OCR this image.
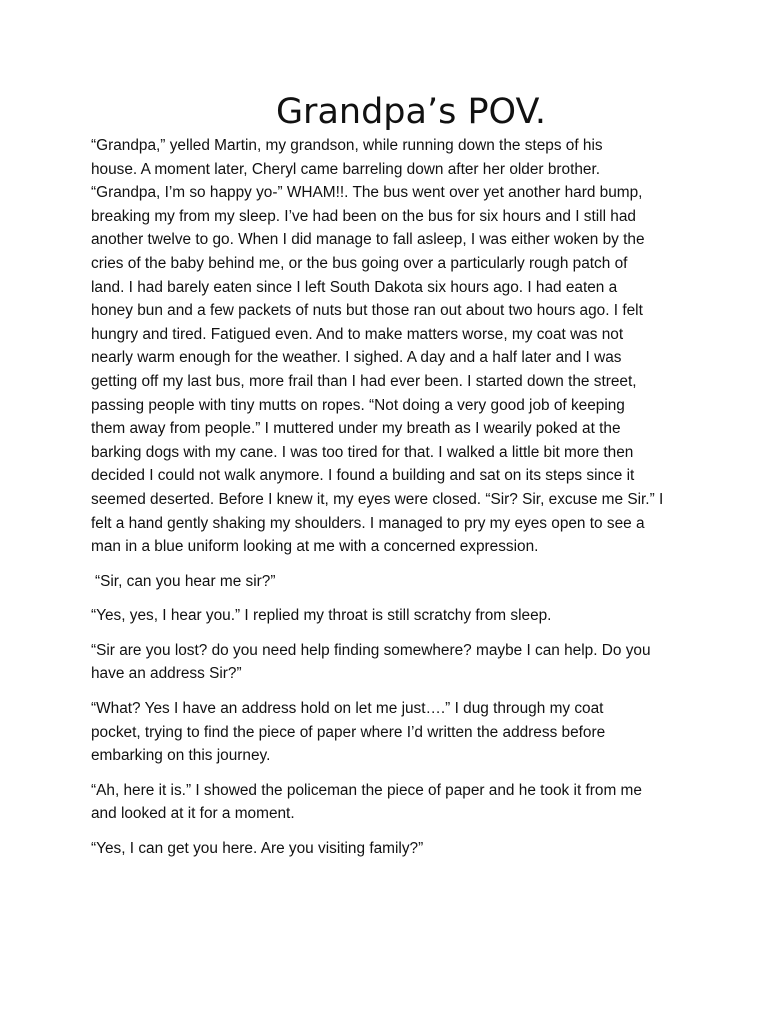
Grandpa’s POV.
“Grandpa,” yelled Martin, my grandson, while running down the steps of his
house. A moment later, Cheryl came barreling down after her older brother.
“Grandpa, I’m so happy yo-” WHAM!!. The bus went over yet another hard bump,
breaking my from my sleep. I’ve had been on the bus for six hours and I still had
another twelve to go. When I did manage to fall asleep, I was either woken by the
cries of the baby behind me, or the bus going over a particularly rough patch of
land. I had barely eaten since I left South Dakota six hours ago. I had eaten a
honey bun and a few packets of nuts but those ran out about two hours ago. I felt
hungry and tired. Fatigued even. And to make matters worse, my coat was not
nearly warm enough for the weather. I sighed. A day and a half later and I was
getting off my last bus, more frail than I had ever been. I started down the street,
passing people with tiny mutts on ropes. “Not doing a very good job of keeping
them away from people.” I muttered under my breath as I wearily poked at the
barking dogs with my cane. I was too tired for that. I walked a little bit more then
decided I could not walk anymore. I found a building and sat on its steps since it
seemed deserted. Before I knew it, my eyes were closed. “Sir? Sir, excuse me Sir.” I
felt a hand gently shaking my shoulders. I managed to pry my eyes open to see a
man in a blue uniform looking at me with a concerned expression.
“Sir, can you hear me sir?”
“Yes, yes, I hear you.” I replied my throat is still scratchy from sleep.
“Sir are you lost? do you need help finding somewhere? maybe I can help. Do you
have an address Sir?”
“What? Yes I have an address hold on let me just….” I dug through my coat
pocket, trying to find the piece of paper where I’d written the address before
embarking on this journey.
“Ah, here it is.” I showed the policeman the piece of paper and he took it from me
and looked at it for a moment.
“Yes, I can get you here. Are you visiting family?”
